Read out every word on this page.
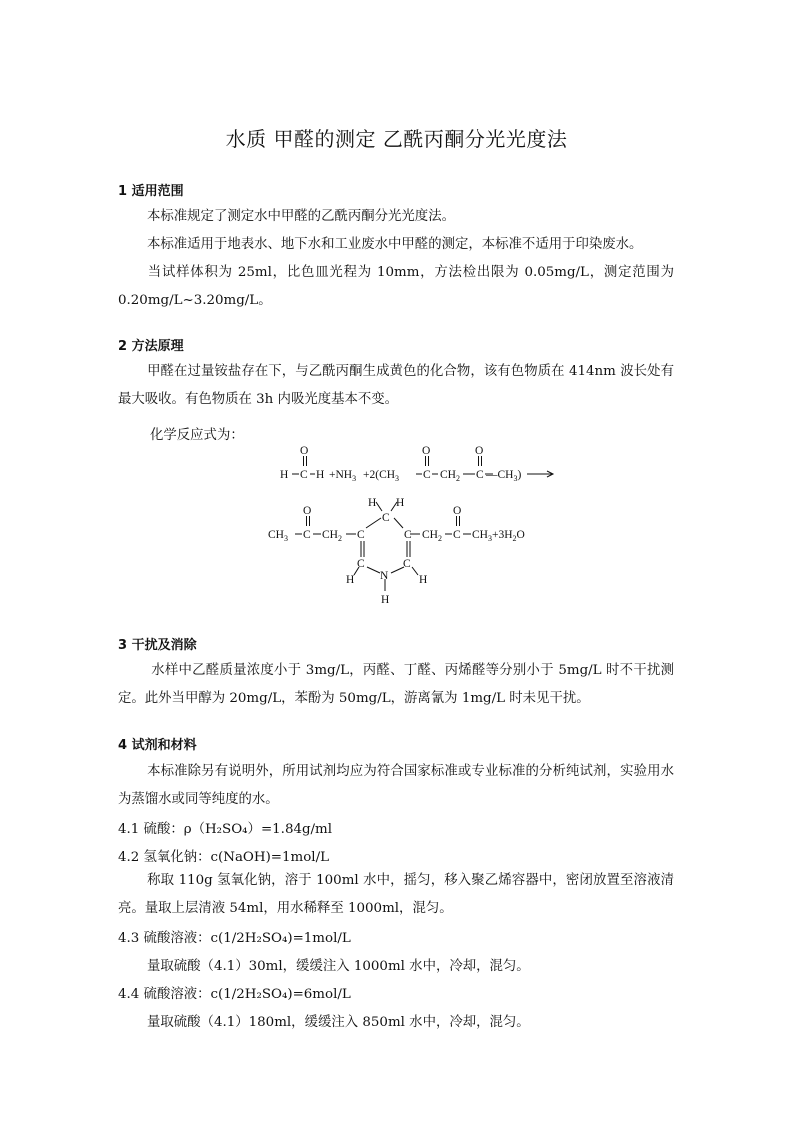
水质 甲醛的测定 乙酰丙酮分光光度法
1 适用范围

本标准规定了测定水中甲醛的乙酰丙酮分光光度法。

本标准适用于地表水、地下水和工业废水中甲醛的测定，本标准不适用于印染废水。

当试样体积为 25ml，比色皿光程为 10mm，方法检出限为 0.05mg/L，测定范围为 0.20mg/L~3.20mg/L。

2 方法原理

甲醛在过量铵盐存在下，与乙酰丙酮生成黄色的化合物，该有色物质在 414nm 波长处有最大吸收。有色物质在 3h 内吸光度基本不变。

化学反应式为：
H C
O
$H +NH_3 +2(CH_3$ C
O
$CH_2$ C
O
$—CH_3$)
$CH_3$ C
O
$CH_2$ C
C
H H
C
C	C
N
H	H
H
$CH_2$ C
O
$CH_3+3H_2O$
3 干扰及消除

水样中乙醛质量浓度小于 3mg/L，丙醛、丁醛、丙烯醛等分别小于 5mg/L 时不干扰测定。此外当甲醇为 20mg/L，苯酚为 50mg/L，游离氰为 1mg/L 时未见干扰。

4 试剂和材料

本标准除另有说明外，所用试剂均应为符合国家标准或专业标准的分析纯试剂，实验用水为蒸馏水或同等纯度的水。

4.1 硫酸：ρ（H₂SO₄）=1.84g/ml
4.2 氢氧化钠：c(NaOH)=1mol/L

称取 110g 氢氧化钠，溶于 100ml 水中，摇匀，移入聚乙烯容器中，密闭放置至溶液清亮。量取上层清液 54ml，用水稀释至 1000ml，混匀。

4.3 硫酸溶液：c(1/2H₂SO₄)=1mol/L
量取硫酸（4.1）30ml，缓缓注入 1000ml 水中，冷却，混匀。
4.4 硫酸溶液：c(1/2H₂SO₄)=6mol/L
量取硫酸（4.1）180ml，缓缓注入 850ml 水中，冷却，混匀。
